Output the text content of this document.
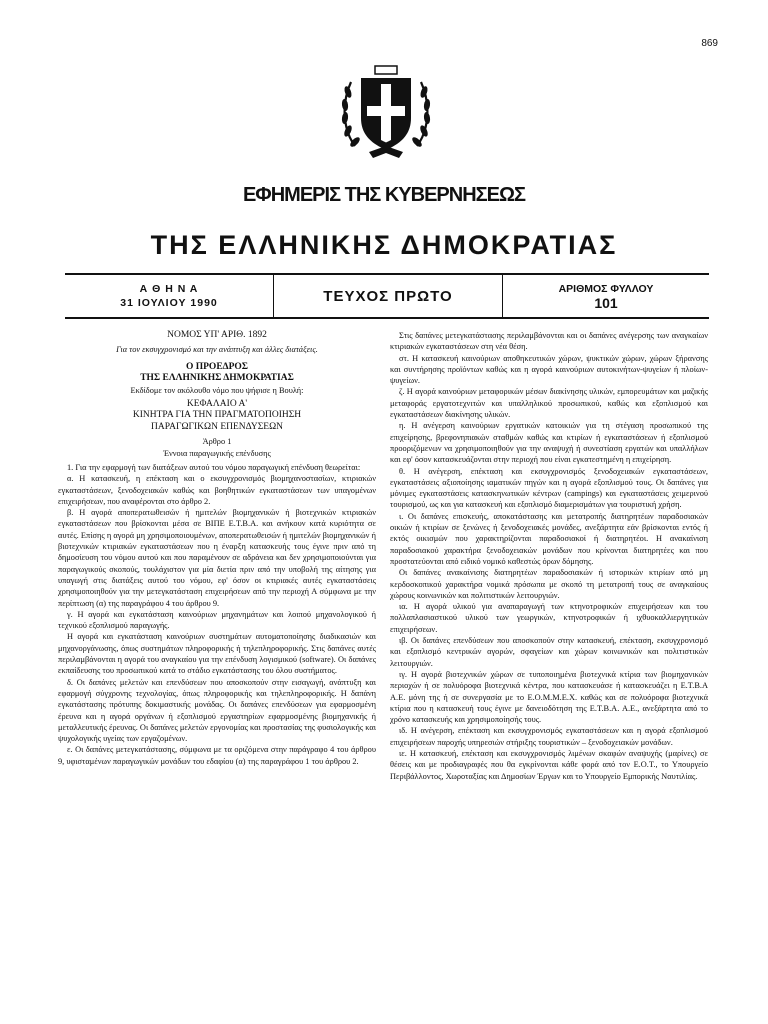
869
ΕΦΗΜΕΡΙΣ ΤΗΣ ΚΥΒΕΡΝΗΣΕΩΣ
ΤΗΣ ΕΛΛΗΝΙΚΗΣ ΔΗΜΟΚΡΑΤΙΑΣ
Α Θ Η Ν Α
31 ΙΟΥΛΙΟΥ 1990	ΤΕΥΧΟΣ ΠΡΩΤΟ	ΑΡΙΘΜΟΣ ΦΥΛΛΟΥ
101

ΝΟΜΟΣ ΥΠ' ΑΡΙΘ. 1892

Για τον εκσυγχρονισμό και την ανάπτυξη και άλλες διατάξεις.

Ο ΠΡΟΕΔΡΟΣ

ΤΗΣ ΕΛΛΗΝΙΚΗΣ ΔΗΜΟΚΡΑΤΙΑΣ

Εκδίδομε τον ακόλουθο νόμο που ψήφισε η Βουλή:

ΚΕΦΑΛΑΙΟ Α'

ΚΙΝΗΤΡΑ ΓΙΑ ΤΗΝ ΠΡΑΓΜΑΤΟΠΟΙΗΣΗ

ΠΑΡΑΓΩΓΙΚΩΝ ΕΠΕΝΔΥΣΕΩΝ

Άρθρο 1

Έννοια παραγωγικής επένδυσης

1. Για την εφαρμογή των διατάξεων αυτού του νόμου παραγωγική επένδυση θεωρείται:

α. Η κατασκευή, η επέκταση και ο εκσυγχρονισμός βιομηχανοστασίων, κτιριακών εγκαταστάσεων, ξενοδοχειακών καθώς και βοηθητικών εγκαταστάσεων των υπαγομένων επιχειρήσεων, που αναφέρονται στο άρθρο 2.

β. Η αγορά αποπερατωθεισών ή ημιτελών βιομηχανικών ή βιοτεχνικών κτιριακών εγκαταστάσεων που βρίσκονται μέσα σε ΒΙΠΕ Ε.Τ.Β.Α. και ανήκουν κατά κυριότητα σε αυτές. Επίσης η αγορά μη χρησιμοποιουμένων, αποπερατωθεισών ή ημιτελών βιομηχανικών ή βιοτεχνικών κτιριακών εγκαταστάσεων που η έναρξη κατασκευής τους έγινε πριν από τη δημοσίευση του νόμου αυτού και που παραμένουν σε αδράνεια και δεν χρησιμοποιούνται για παραγωγικούς σκοπούς, τουλάχιστον για μία διετία πριν από την υποβολή της αίτησης για υπαγωγή στις διατάξεις αυτού του νόμου, εφ' όσον οι κτιριακές αυτές εγκαταστάσεις χρησιμοποιηθούν για την μετεγκατάσταση επιχειρήσεων από την περιοχή Α σύμφωνα με την περίπτωση (α) της παραγράφου 4 του άρθρου 9.

γ. Η αγορά και εγκατάσταση καινούριων μηχανημάτων και λοιπού μηχανολογικού ή τεχνικού εξοπλισμού παραγωγής.

Η αγορά και εγκατάσταση καινούριων συστημάτων αυτοματοποίησης διαδικασιών και μηχανοργάνωσης, όπως συστημάτων πληροφορικής ή τηλεπληροφορικής. Στις δαπάνες αυτές περιλαμβάνονται η αγορά του αναγκαίου για την επένδυση λογισμικού (software). Οι δαπάνες εκπαίδευσης του προσωπικού κατά το στάδιο εγκατάστασης του όλου συστήματος.

δ. Οι δαπάνες μελετών και επενδύσεων που αποσκοπούν στην εισαγωγή, ανάπτυξη και εφαρμογή σύγχρονης τεχνολογίας, όπως πληροφορικής και τηλεπληροφορικής. Η δαπάνη εγκατάστασης πρότυπης δοκιμαστικής μονάδας. Οι δαπάνες επενδύσεων για εφαρμοσμένη έρευνα και η αγορά οργάνων ή εξοπλισμού εργαστηρίων εφαρμοσμένης βιομηχανικής ή μεταλλευτικής έρευνας. Οι δαπάνες μελετών εργονομίας και προστασίας της φυσιολογικής και ψυχολογικής υγείας των εργαζομένων.

ε. Οι δαπάνες μετεγκατάστασης, σύμφωνα με τα οριζόμενα στην παράγραφο 4 του άρθρου 9, υφισταμένων παραγωγικών μονάδων του εδαφίου (α) της παραγράφου 1 του άρθρου 2.

Στις δαπάνες μετεγκατάστασης περιλαμβάνονται και οι δαπάνες ανέγερσης των αναγκαίων κτιριακών εγκαταστάσεων στη νέα θέση.

στ. Η κατασκευή καινούριων αποθηκευτικών χώρων, ψυκτικών χώρων, χώρων ξήρανσης και συντήρησης προϊόντων καθώς και η αγορά καινούριων αυτοκινήτων-ψυγείων ή πλοίων-ψυγείων.

ζ. Η αγορά καινούριων μεταφορικών μέσων διακίνησης υλικών, εμπορευμάτων και μαζικής μεταφοράς εργατοτεχνιτών και υπαλληλικού προσωπικού, καθώς και εξοπλισμού και εγκαταστάσεων διακίνησης υλικών.

η. Η ανέγερση καινούριων εργατικών κατοικιών για τη στέγαση προσωπικού της επιχείρησης, βρεφονηπιακών σταθμών καθώς και κτιρίων ή εγκαταστάσεων ή εξοπλισμού προοριζόμενων να χρησιμοποιηθούν για την αναψυχή ή συνεστίαση εργατών και υπαλλήλων και εφ' όσον κατασκευάζονται στην περιοχή που είναι εγκατεστημένη η επιχείρηση.

θ. Η ανέγερση, επέκταση και εκσυγχρονισμός ξενοδοχειακών εγκαταστάσεων, εγκαταστάσεις αξιοποίησης ιαματικών πηγών και η αγορά εξοπλισμού τους. Οι δαπάνες για μόνιμες εγκαταστάσεις κατασκηνωτικών κέντρων (campings) και εγκαταστάσεις χειμερινού τουρισμού, ως και για κατασκευή και εξοπλισμό διαμερισμάτων για τουριστική χρήση.

ι. Οι δαπάνες επισκευής, αποκατάστασης και μετατροπής διατηρητέων παραδοσιακών οικιών ή κτιρίων σε ξενώνες ή ξενοδοχειακές μονάδες, ανεξάρτητα εάν βρίσκονται εντός ή εκτός οικισμών που χαρακτηρίζονται παραδοσιακοί ή διατηρητέοι. Η ανακαίνιση παραδοσιακού χαρακτήρα ξενοδοχειακών μονάδων που κρίνονται διατηρητέες και που προστατεύονται από ειδικό νομικό καθεστώς όρων δόμησης.

Οι δαπάνες ανακαίνισης διατηρητέων παραδοσιακών ή ιστορικών κτιρίων από μη κερδοσκοπικού χαρακτήρα νομικά πρόσωπα με σκοπό τη μετατροπή τους σε αναγκαίους χώρους κοινωνικών και πολιτιστικών λειτουργιών.

ια. Η αγορά υλικού για αναπαραγωγή των κτηνοτροφικών επιχειρήσεων και του πολλαπλασιαστικού υλικού των γεωργικών, κτηνοτροφικών ή ιχθυοκαλλιεργητικών επιχειρήσεων.

ιβ. Οι δαπάνες επενδύσεων που αποσκοπούν στην κατασκευή, επέκταση, εκσυγχρονισμό και εξοπλισμό κεντρικών αγορών, σφαγείων και χώρων κοινωνικών και πολιτιστικών λειτουργιών.

ιγ. Η αγορά βιοτεχνικών χώρων σε τυποποιημένα βιοτεχνικά κτίρια των βιομηχανικών περιοχών ή σε πολυόροφα βιοτεχνικά κέντρα, που κατασκευάσε ή κατασκευάζει η Ε.Τ.Β.Α Α.Ε. μόνη της ή σε συνεργασία με το Ε.Ο.Μ.Μ.Ε.Χ. καθώς και σε πολυόροφα βιοτεχνικά κτίρια που η κατασκευή τους έγινε με δανειοδότηση της Ε.Τ.Β.Α. Α.Ε., ανεξάρτητα από το χρόνο κατασκευής και χρησιμοποίησής τους.

ιδ. Η ανέγερση, επέκταση και εκσυγχρονισμός εγκαταστάσεων και η αγορά εξοπλισμού επιχειρήσεων παροχής υπηρεσιών στήριξης τουριστικών – ξενοδοχειακών μονάδων.

ιε. Η κατασκευή, επέκταση και εκσυγχρονισμός λιμένων σκαφών αναψυχής (μαρίνες) σε θέσεις και με προδιαγραφές που θα εγκρίνονται κάθε φορά από τον Ε.Ο.Τ., το Υπουργείο Περιβάλλοντος, Χωροταξίας και Δημοσίων Έργων και το Υπουργείο Εμπορικής Ναυτιλίας.
